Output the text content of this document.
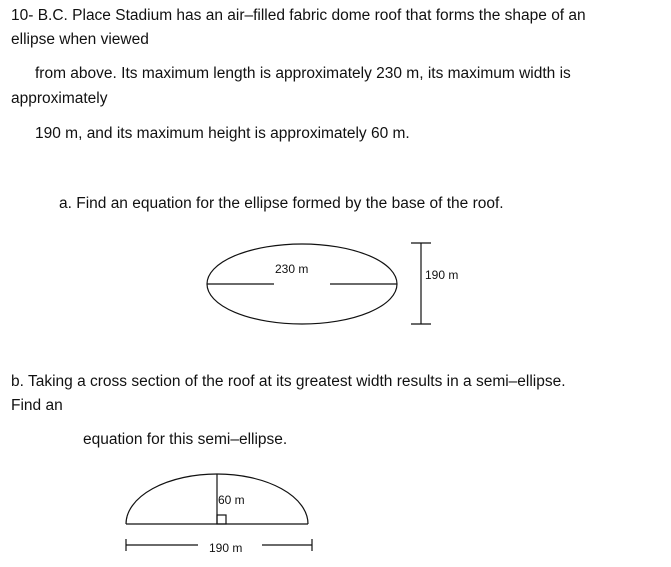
10- B.C. Place Stadium has an air–filled fabric dome roof that forms the shape of an
ellipse when viewed
from above. Its maximum length is approximately 230 m, its maximum width is
approximately
190 m, and its maximum height is approximately 60 m.
a. Find an equation for the ellipse formed by the base of the roof.
b. Taking a cross section of the roof at its greatest width results in a semi–ellipse.
Find an
equation for this semi–ellipse.
230 m	190 m
60 m
190 m
